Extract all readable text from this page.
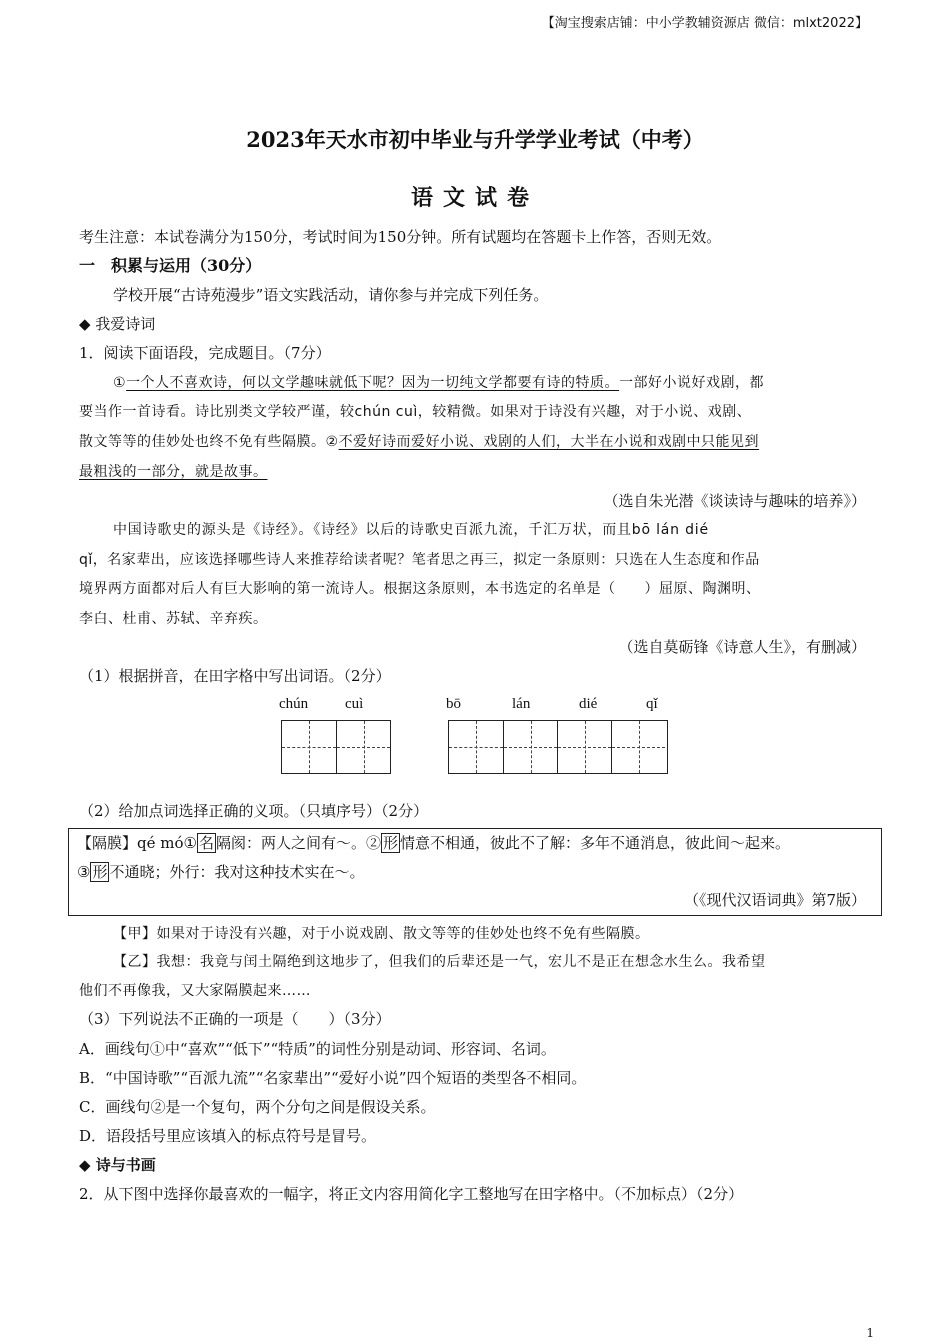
【淘宝搜索店铺：中小学教辅资源店 微信：mlxt2022】
2023年天水市初中毕业与升学学业考试（中考）
语文试卷
考生注意：本试卷满分为150分，考试时间为150分钟。所有试题均在答题卡上作答，否则无效。
一　积累与运用（30分）
学校开展“古诗苑漫步”语文实践活动，请你参与并完成下列任务。
◆ 我爱诗词
1．阅读下面语段，完成题目。（7分）
①一个人不喜欢诗，何以文学趣味就低下呢？因为一切纯文学都要有诗的特质。一部好小说好戏剧，都
要当作一首诗看。诗比别类文学较严谨，较chún cuì，较精微。如果对于诗没有兴趣，对于小说、戏剧、
散文等等的佳妙处也终不免有些隔膜。②不爱好诗而爱好小说、戏剧的人们，大半在小说和戏剧中只能见到
最粗浅的一部分，就是故事。
（选自朱光潜《谈读诗与趣味的培养》）
中国诗歌史的源头是《诗经》。《诗经》以后的诗歌史百派九流，千汇万状，而且bō lán dié
qǐ，名家辈出，应该选择哪些诗人来推荐给读者呢？笔者思之再三，拟定一条原则：只选在人生态度和作品
境界两方面都对后人有巨大影响的第一流诗人。根据这条原则，本书选定的名单是（　　）屈原、陶渊明、
李白、杜甫、苏轼、辛弃疾。
（选自莫砺锋《诗意人生》，有删减）
（1）根据拼音，在田字格中写出词语。（2分）
chún cuì	bō	lán	dié	qǐ
（2）给加点词选择正确的义项。（只填序号）（2分）
【隔膜】qé mó① 名 隔阂：两人之间有～。② 形 情意不相通，彼此不了解：多年不通消息，彼此间～起来。
③ 形 不通晓；外行：我对这种技术实在～。
（《现代汉语词典》第7版）
【甲】如果对于诗没有兴趣，对于小说戏剧、散文等等的佳妙处也终不免有些隔膜。
【乙】我想：我竟与闰土隔绝到这地步了，但我们的后辈还是一气，宏儿不是正在想念水生么。我希望
他们不再像我，又大家隔膜起来……
（3）下列说法不正确的一项是（　　）（3分）
A．画线句①中“喜欢”“低下”“特质”的词性分别是动词、形容词、名词。
B．“中国诗歌”“百派九流”“名家辈出”“爱好小说”四个短语的类型各不相同。
C．画线句②是一个复句，两个分句之间是假设关系。
D．语段括号里应该填入的标点符号是冒号。
◆ 诗与书画
2．从下图中选择你最喜欢的一幅字，将正文内容用简化字工整地写在田字格中。（不加标点）（2分）
1
